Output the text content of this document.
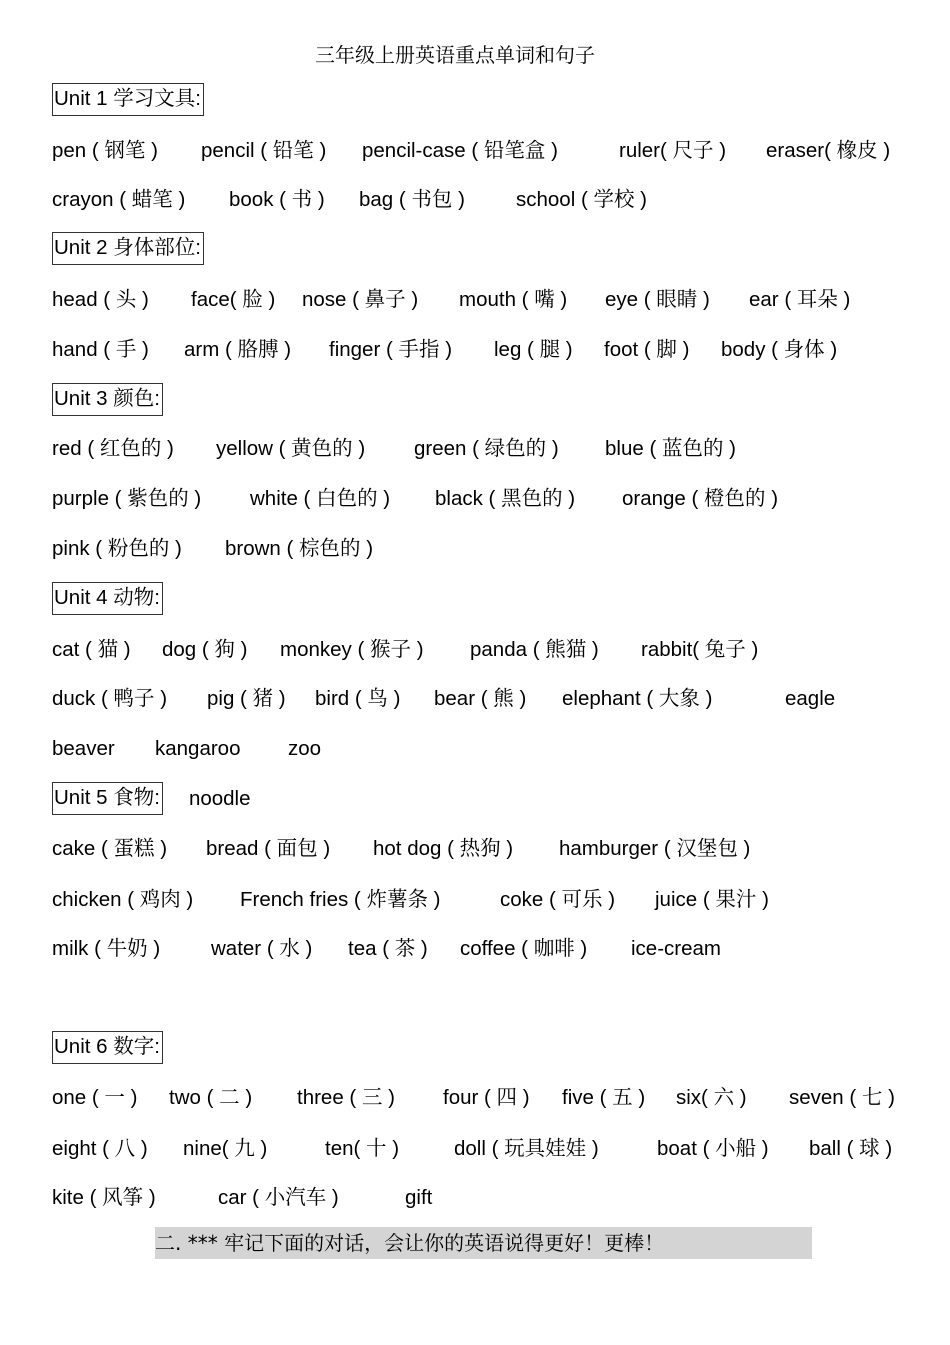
三年级上册英语重点单词和句子
Unit 1 学习文具:
pen ( 钢笔 ) pencil ( 铅笔 ) pencil-case ( 铅笔盒 )	ruler( 尺子 ) eraser( 橡皮 )
crayon ( 蜡笔 ) book ( 书 ) bag ( 书包 ) school ( 学校 )
Unit 2 身体部位:
head ( 头 ) face( 脸 ) nose ( 鼻子 ) mouth ( 嘴 ) eye ( 眼睛 ) ear ( 耳朵 )
hand ( 手 ) arm ( 胳膊 ) finger ( 手指 ) leg ( 腿 ) foot ( 脚 ) body ( 身体 )
Unit 3 颜色:
red ( 红色的 ) yellow ( 黄色的 ) green ( 绿色的 ) blue ( 蓝色的 )
purple ( 紫色的 ) white ( 白色的 ) black ( 黑色的 ) orange ( 橙色的 )
pink ( 粉色的 ) brown ( 棕色的 )
Unit 4 动物:
cat ( 猫 ) dog ( 狗 ) monkey ( 猴子 ) panda ( 熊猫 ) rabbit( 兔子 )
duck ( 鸭子 ) pig ( 猪 ) bird ( 鸟 ) bear ( 熊 ) elephant ( 大象 )	eagle
beaver kangaroo zoo
Unit 5 食物: noodle
cake ( 蛋糕 ) bread ( 面包 ) hot dog ( 热狗 ) hamburger ( 汉堡包 )
chicken ( 鸡肉 ) French fries ( 炸薯条 )	coke ( 可乐 ) juice ( 果汁 )
milk ( 牛奶 ) water ( 水 ) tea ( 茶 ) coffee ( 咖啡 ) ice-cream
Unit 6 数字:
one ( 一 ) two ( 二 ) three ( 三 ) four ( 四 ) five ( 五 ) six( 六 ) seven ( 七 )
eight ( 八 ) nine( 九 )	ten( 十 )	doll ( 玩具娃娃 )	boat ( 小船 ) ball ( 球 )
kite ( 风筝 )	car ( 小汽车 )	gift
二. *** 牢记下面的对话，会让你的英语说得更好！更棒！
